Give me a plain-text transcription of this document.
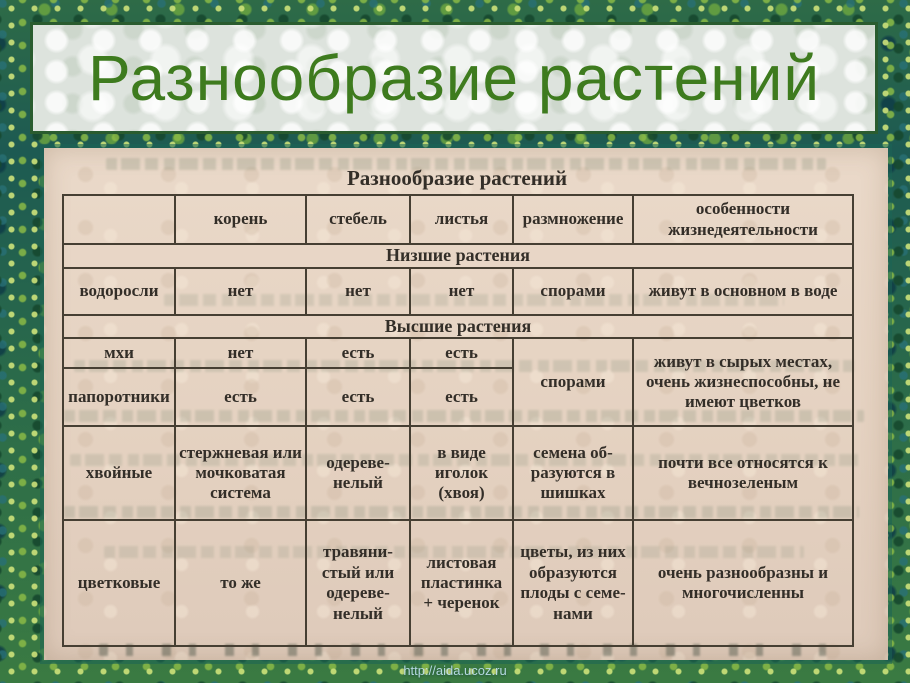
Разнообразие растений
Разнообразие растений
	корень	стебель	листья	размножение	особенности жизнедеятельности
Низшие растения					
водоросли	нет	нет	нет	спорами	живут в основном в воде
Высшие растения					
мхи	нет	есть	есть	спорами	живут в сырых местах, очень жизнеспособны, не имеют цветков
папоротники	есть	есть	есть		
хвойные	стержневая или мочковатая система	одеревенелый	в виде иголок (хвоя)	семена образуются в шишках	почти все относятся к вечнозеленым
цветковые	то же	травянистый или одеревенелый	листовая пластинка + черенок	цветы, из них образуются плоды с семенами	очень разнообразны и многочисленны
http://aida.ucoz.ru
